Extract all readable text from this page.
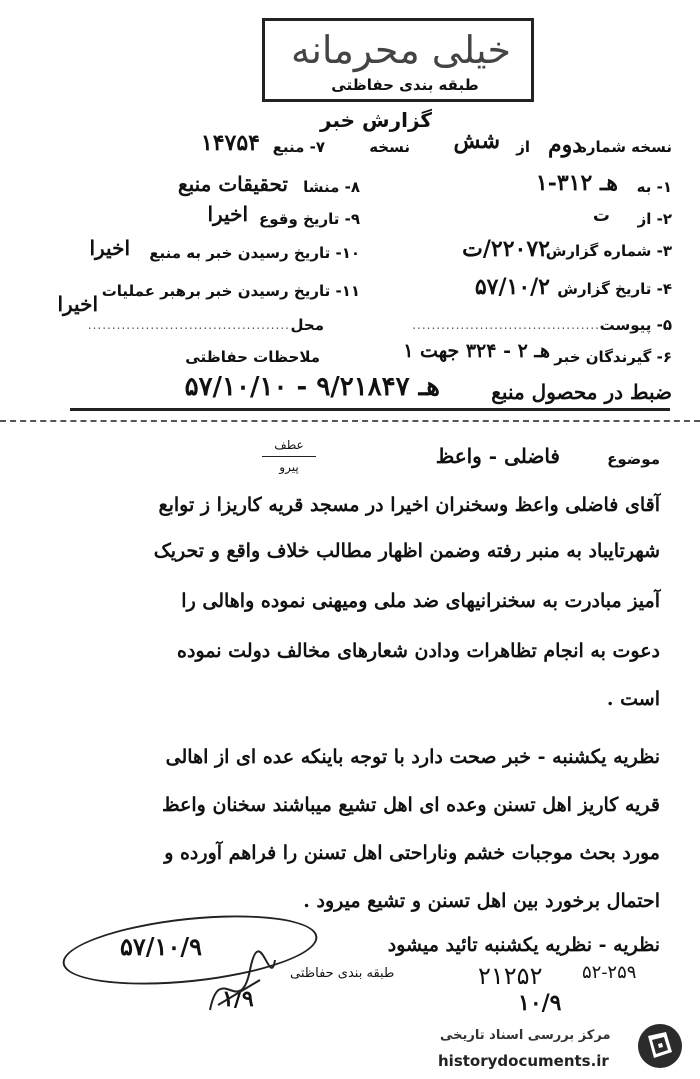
خیلی محرمانه
طبقه بندی حفاظتی
گزارش خبر
نسخه شماره
دوم
از
شش
نسخه
۱- به
هـ ۳۱۲-۱
۲- از
ت
۳- شماره گزارش
۲۲۰۷۲/ت
۴- تاریخ گزارش
۵۷/۱۰/۲
۵- پیوست
.......................................
۶- گیرندگان خبر
هـ ۲ - ۳۲۴ جهت ۱
۷- منبع
۱۴۷۵۴
۸- منشا
تحقیقات منبع
۹- تاریخ وقوع
اخیرا
۱۰- تاریخ رسیدن خبر به منبع
اخیرا
۱۱- تاریخ رسیدن خبر برهبر عملیات
اخیرا
محل
..........................................
ملاحظات حفاظتی
ضبط در محصول منبع
هـ ۹/۲۱۸۴۷ - ۵۷/۱۰/۱۰
موضوع
فاضلی - واعظ
عطف
پیرو
آقای فاضلی واعظ وسخنران اخیرا در مسجد قریه کاریزا ز توابع
شهرتایباد به منبر رفته وضمن اظهار مطالب خلاف واقع و تحریک
آمیز مبادرت به سخنرانیهای ضد ملی ومیهنی نموده واهالی را
دعوت به انجام تظاهرات ودادن شعارهای مخالف دولت نموده
است .
نظریه یکشنبه - خبر صحت دارد با توجه باینکه عده ای از اهالی
قریه کاریز اهل تسنن وعده ای اهل تشیع میباشند سخنان واعظ
مورد بحث موجبات خشم وناراحتی اهل تسنن را فراهم آورده و
احتمال برخورد بین اهل تسنن و تشیع میرود .
نظریه - نظریه یکشنبه تائید میشود
۵۷/۱۰/۹
طبقه بندی حفاظتی	۵۲-۲۵۹
۲۱۲۵۲
۱۰/۹
۱/۹
مرکز بررسی اسناد تاریخی
historydocuments.ir
